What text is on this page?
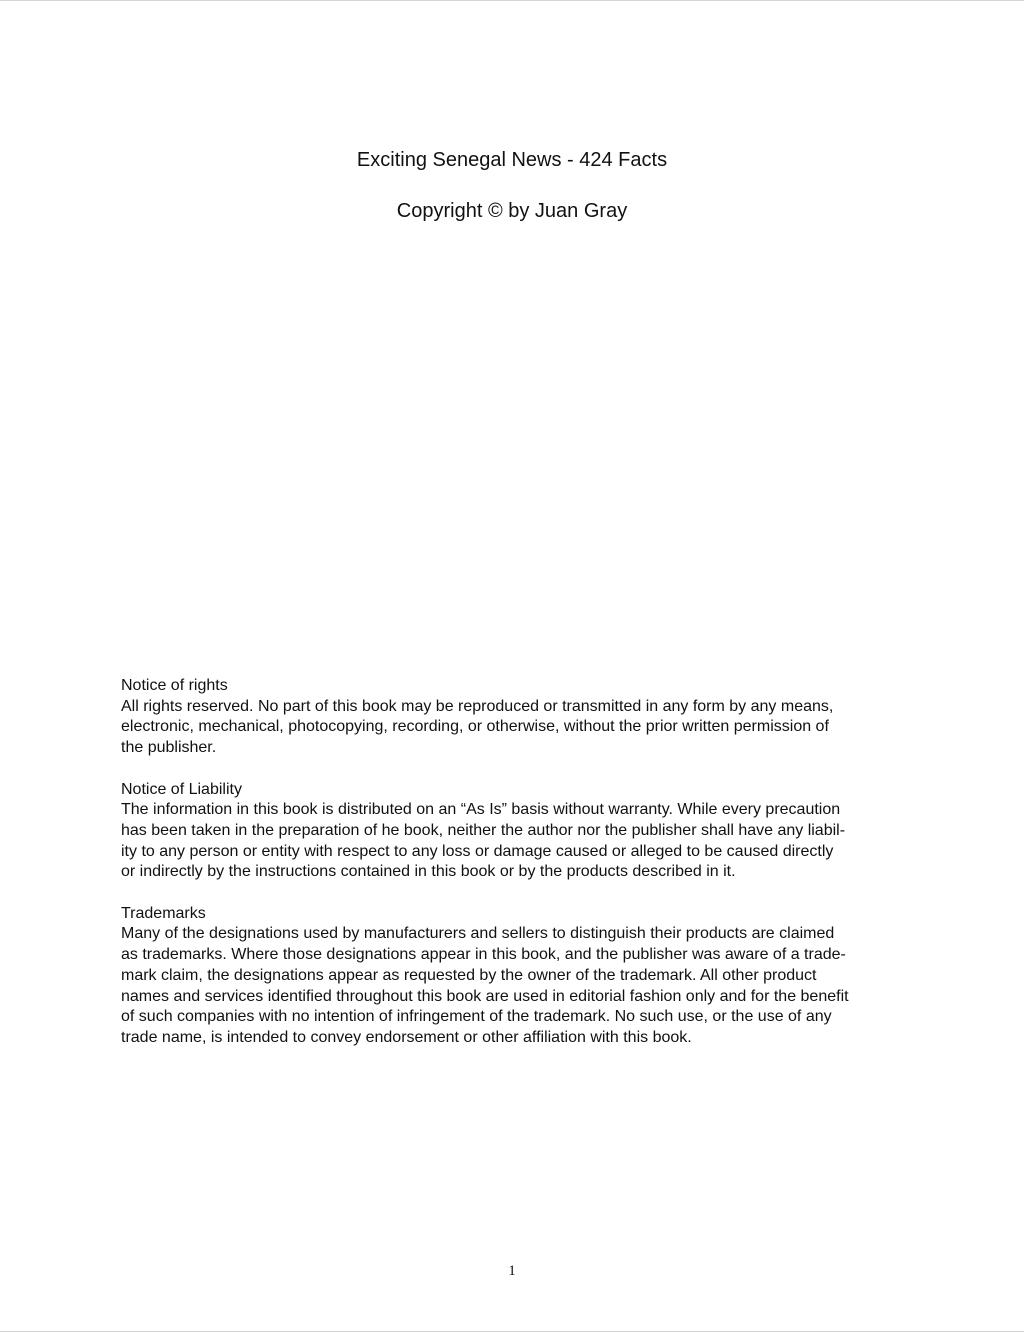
Exciting Senegal News - 424 Facts

Copyright © by Juan Gray

Notice of rights
All rights reserved. No part of this book may be reproduced or transmitted in any form by any means,
electronic, mechanical, photocopying, recording, or otherwise, without the prior written permission of
the publisher.
Notice of Liability
The information in this book is distributed on an “As Is” basis without warranty. While every precaution
has been taken in the preparation of he book, neither the author nor the publisher shall have any liabil-
ity to any person or entity with respect to any loss or damage caused or alleged to be caused directly
or indirectly by the instructions contained in this book or by the products described in it.
Trademarks
Many of the designations used by manufacturers and sellers to distinguish their products are claimed
as trademarks. Where those designations appear in this book, and the publisher was aware of a trade-
mark claim, the designations appear as requested by the owner of the trademark. All other product
names and services identified throughout this book are used in editorial fashion only and for the benefit
of such companies with no intention of infringement of the trademark. No such use, or the use of any
trade name, is intended to convey endorsement or other affiliation with this book.
1
